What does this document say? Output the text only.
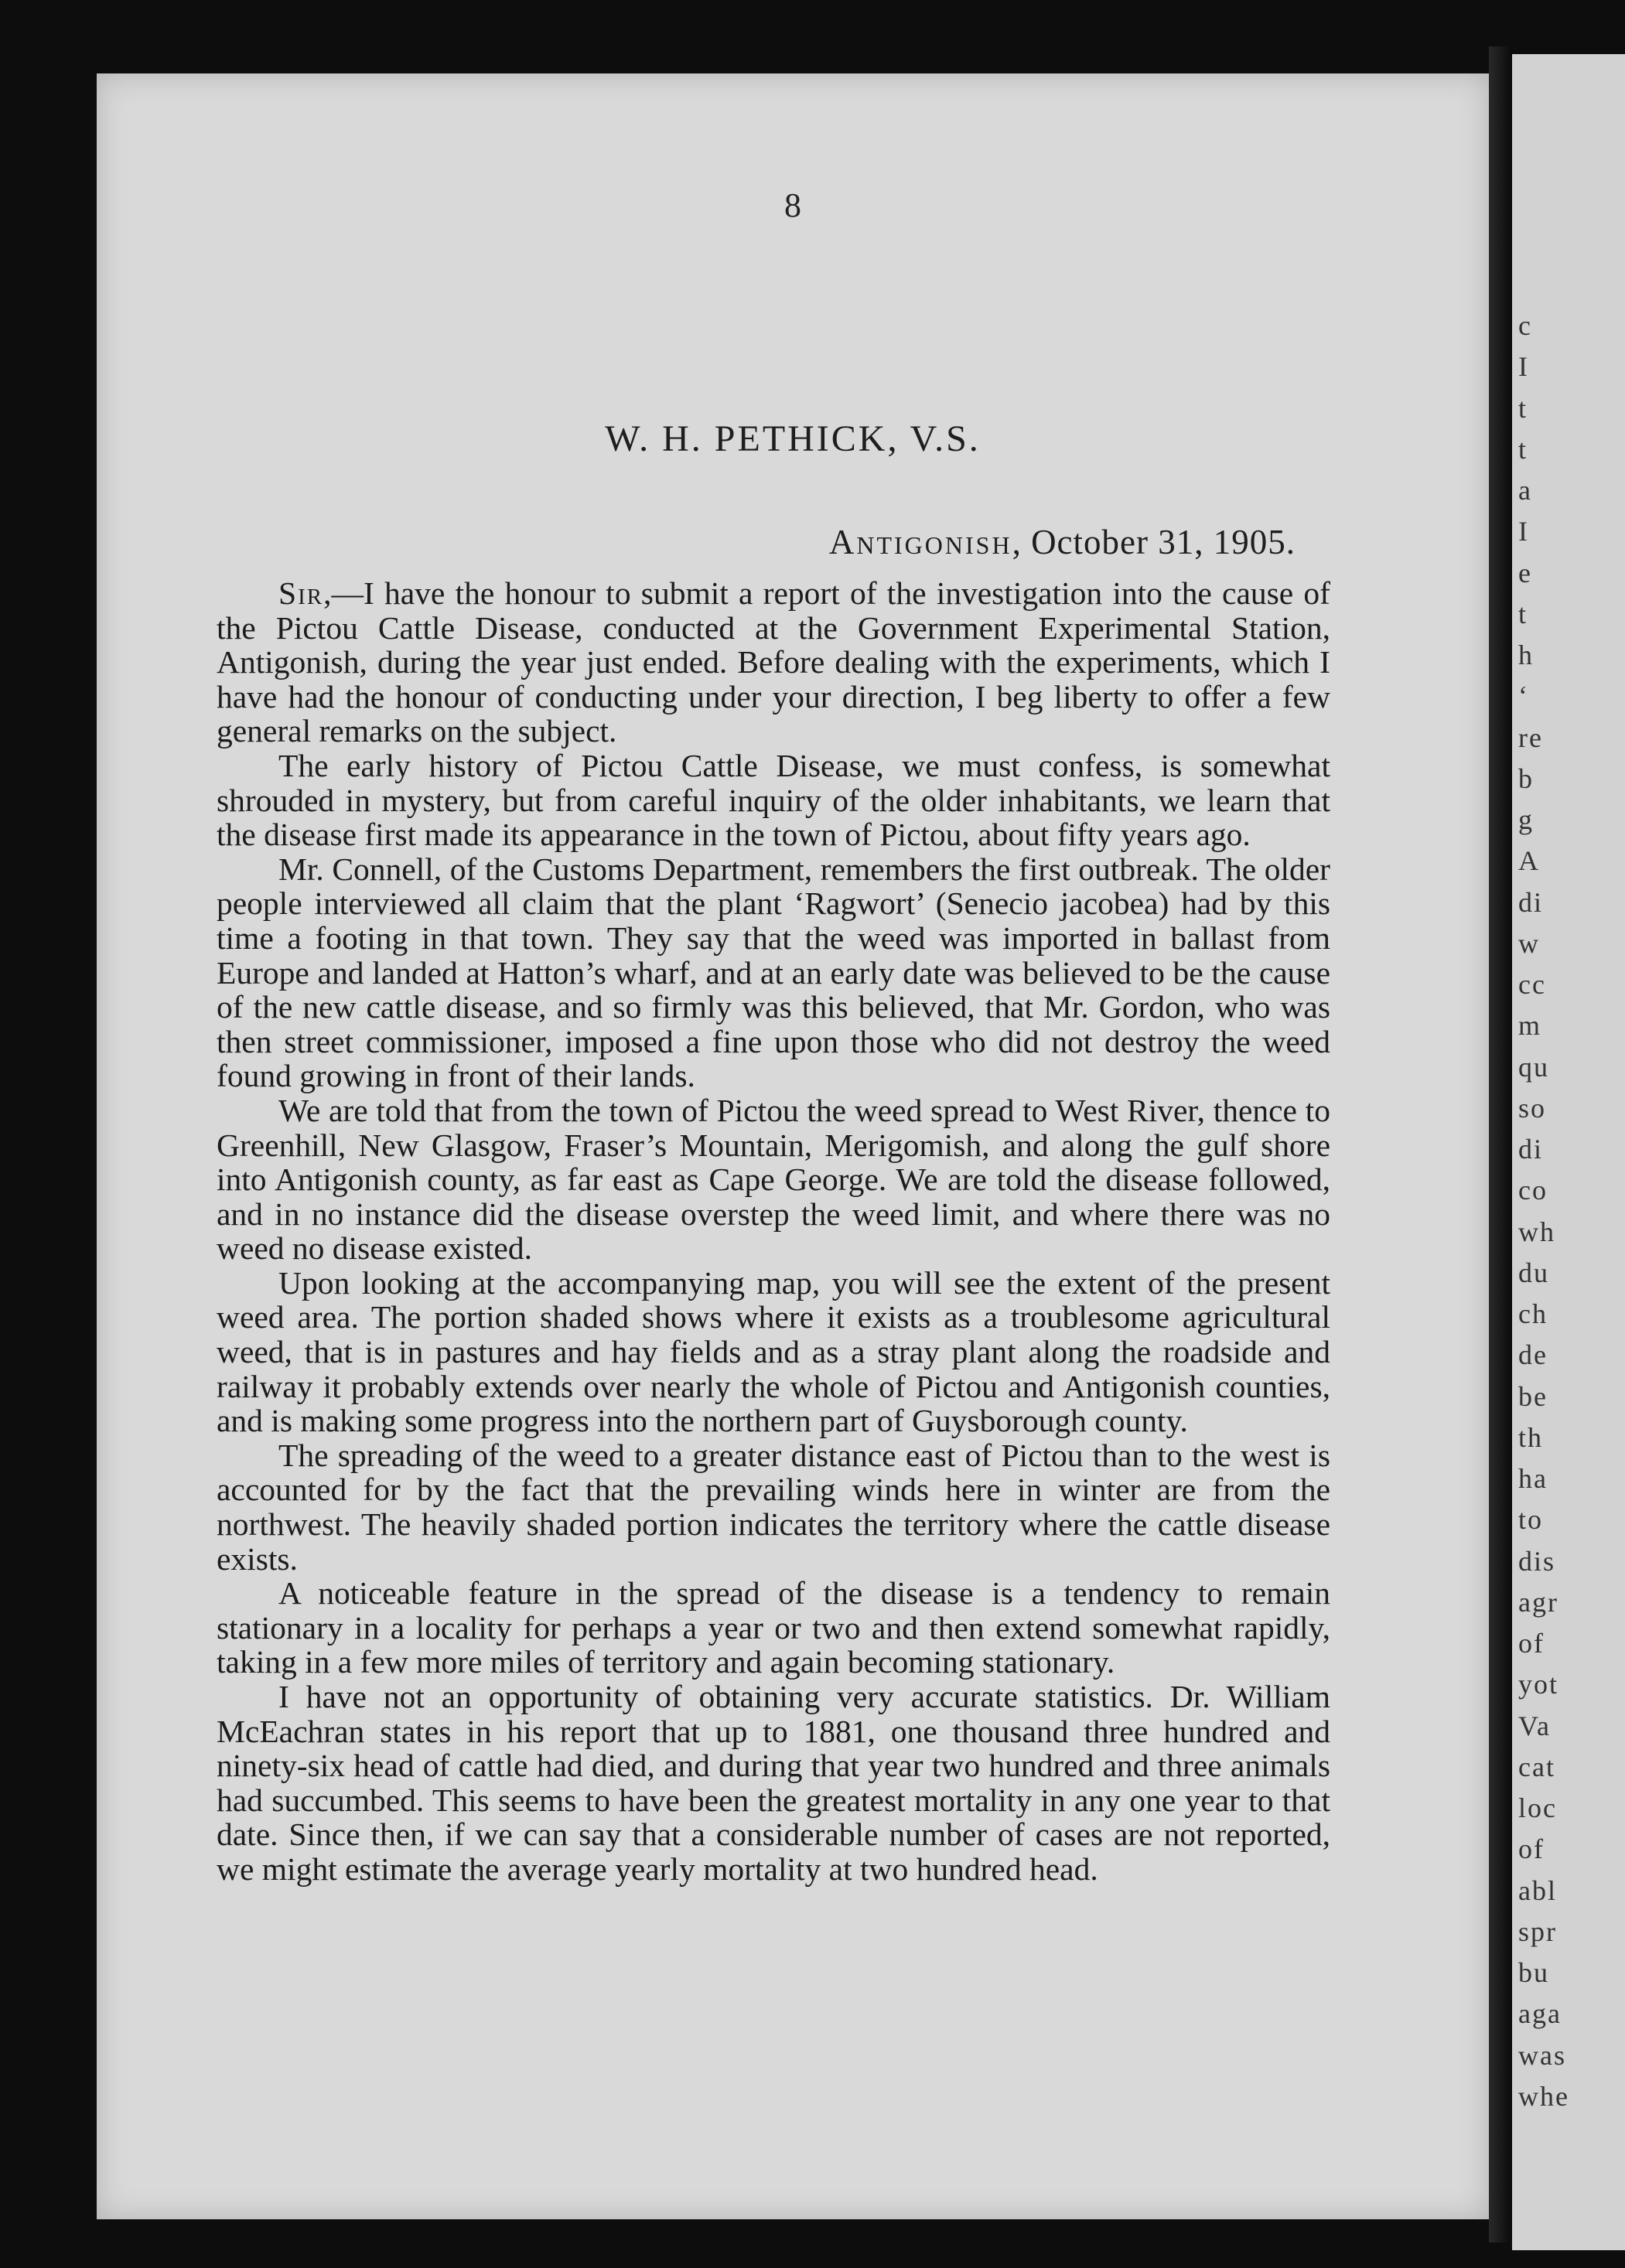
c
I
t
t
a
I
e
t
h
‘
re
b
g
A
di
w
cc
m
qu
so
di
co
wh
du
ch
de
be
th
ha
to
dis
agr
of
yot
Va
cat
loc
of
abl
spr
bu
aga
was
whe
8
W. H. PETHICK, V.S.
Antigonish, October 31, 1905.

Sir,—I have the honour to submit a report of the investigation into the cause of the Pictou Cattle Disease, conducted at the Government Experimental Station, Antigonish, during the year just ended. Before dealing with the experiments, which I have had the honour of conducting under your direction, I beg liberty to offer a few general remarks on the subject.

The early history of Pictou Cattle Disease, we must confess, is somewhat shrouded in mystery, but from careful inquiry of the older inhabitants, we learn that the disease first made its appearance in the town of Pictou, about fifty years ago.

Mr. Connell, of the Customs Department, remembers the first outbreak. The older people interviewed all claim that the plant ‘Ragwort’ (Senecio jacobea) had by this time a footing in that town. They say that the weed was imported in ballast from Europe and landed at Hatton’s wharf, and at an early date was believed to be the cause of the new cattle disease, and so firmly was this believed, that Mr. Gordon, who was then street commissioner, imposed a fine upon those who did not destroy the weed found growing in front of their lands.

We are told that from the town of Pictou the weed spread to West River, thence to Greenhill, New Glasgow, Fraser’s Mountain, Merigomish, and along the gulf shore into Antigonish county, as far east as Cape George. We are told the disease followed, and in no instance did the disease overstep the weed limit, and where there was no weed no disease existed.

Upon looking at the accompanying map, you will see the extent of the present weed area. The portion shaded shows where it exists as a troublesome agricultural weed, that is in pastures and hay fields and as a stray plant along the roadside and railway it probably extends over nearly the whole of Pictou and Antigonish counties, and is making some progress into the northern part of Guysborough county.

The spreading of the weed to a greater distance east of Pictou than to the west is accounted for by the fact that the prevailing winds here in winter are from the northwest. The heavily shaded portion indicates the territory where the cattle disease exists.

A noticeable feature in the spread of the disease is a tendency to remain stationary in a locality for perhaps a year or two and then extend somewhat rapidly, taking in a few more miles of territory and again becoming stationary.

I have not an opportunity of obtaining very accurate statistics. Dr. William McEachran states in his report that up to 1881, one thousand three hundred and ninety-six head of cattle had died, and during that year two hundred and three animals had succumbed. This seems to have been the greatest mortality in any one year to that date. Since then, if we can say that a considerable number of cases are not reported, we might estimate the average yearly mortality at two hundred head.
